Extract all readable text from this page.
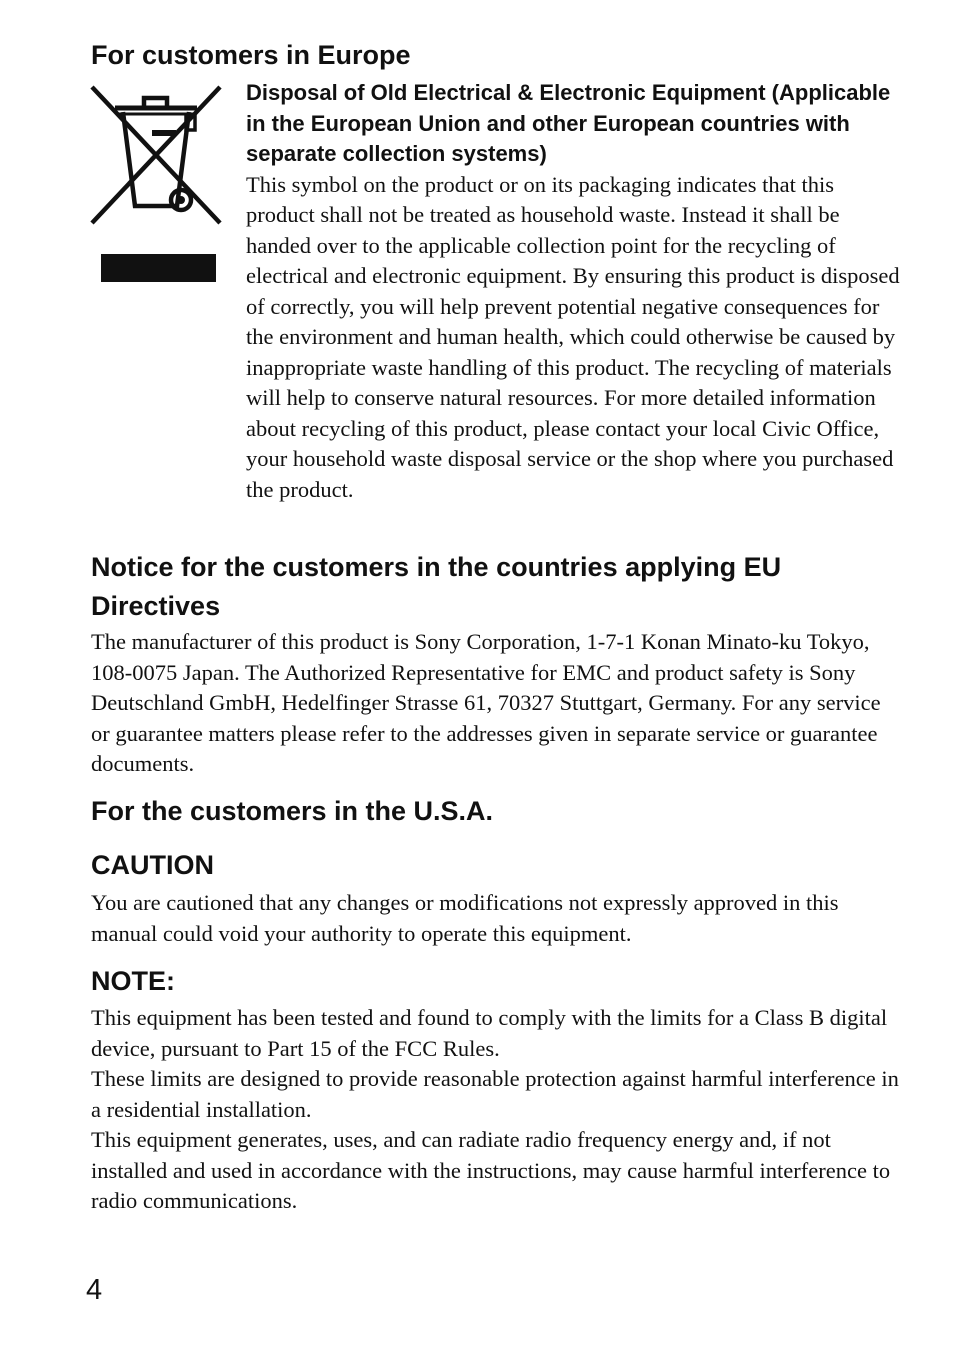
For customers in Europe

Disposal of Old Electrical & Electronic Equipment (Applicable in the European Union and other European countries with separate collection systems)

This symbol on the product or on its packaging indicates that this product shall not be treated as household waste. Instead it shall be handed over to the applicable collection point for the recycling of electrical and electronic equipment. By ensuring this product is disposed of correctly, you will help prevent potential negative consequences for the environment and human health, which could otherwise be caused by inappropriate waste handling of this product. The recycling of materials will help to conserve natural resources. For more detailed information about recycling of this product, please contact your local Civic Office, your household waste disposal service or the shop where you purchased the product.

Notice for the customers in the countries applying EU Directives

The manufacturer of this product is Sony Corporation, 1-7-1 Konan Minato-ku Tokyo, 108-0075 Japan. The Authorized Representative for EMC and product safety is Sony Deutschland GmbH, Hedelfinger Strasse 61, 70327 Stuttgart, Germany. For any service or guarantee matters please refer to the addresses given in separate service or guarantee documents.

For the customers in the U.S.A.
CAUTION

You are cautioned that any changes or modifications not expressly approved in this manual could void your authority to operate this equipment.

NOTE:

This equipment has been tested and found to comply with the limits for a Class B digital device, pursuant to Part 15 of the FCC Rules.

These limits are designed to provide reasonable protection against harmful interference in a residential installation.

This equipment generates, uses, and can radiate radio frequency energy and, if not installed and used in accordance with the instructions, may cause harmful interference to radio communications.

4
